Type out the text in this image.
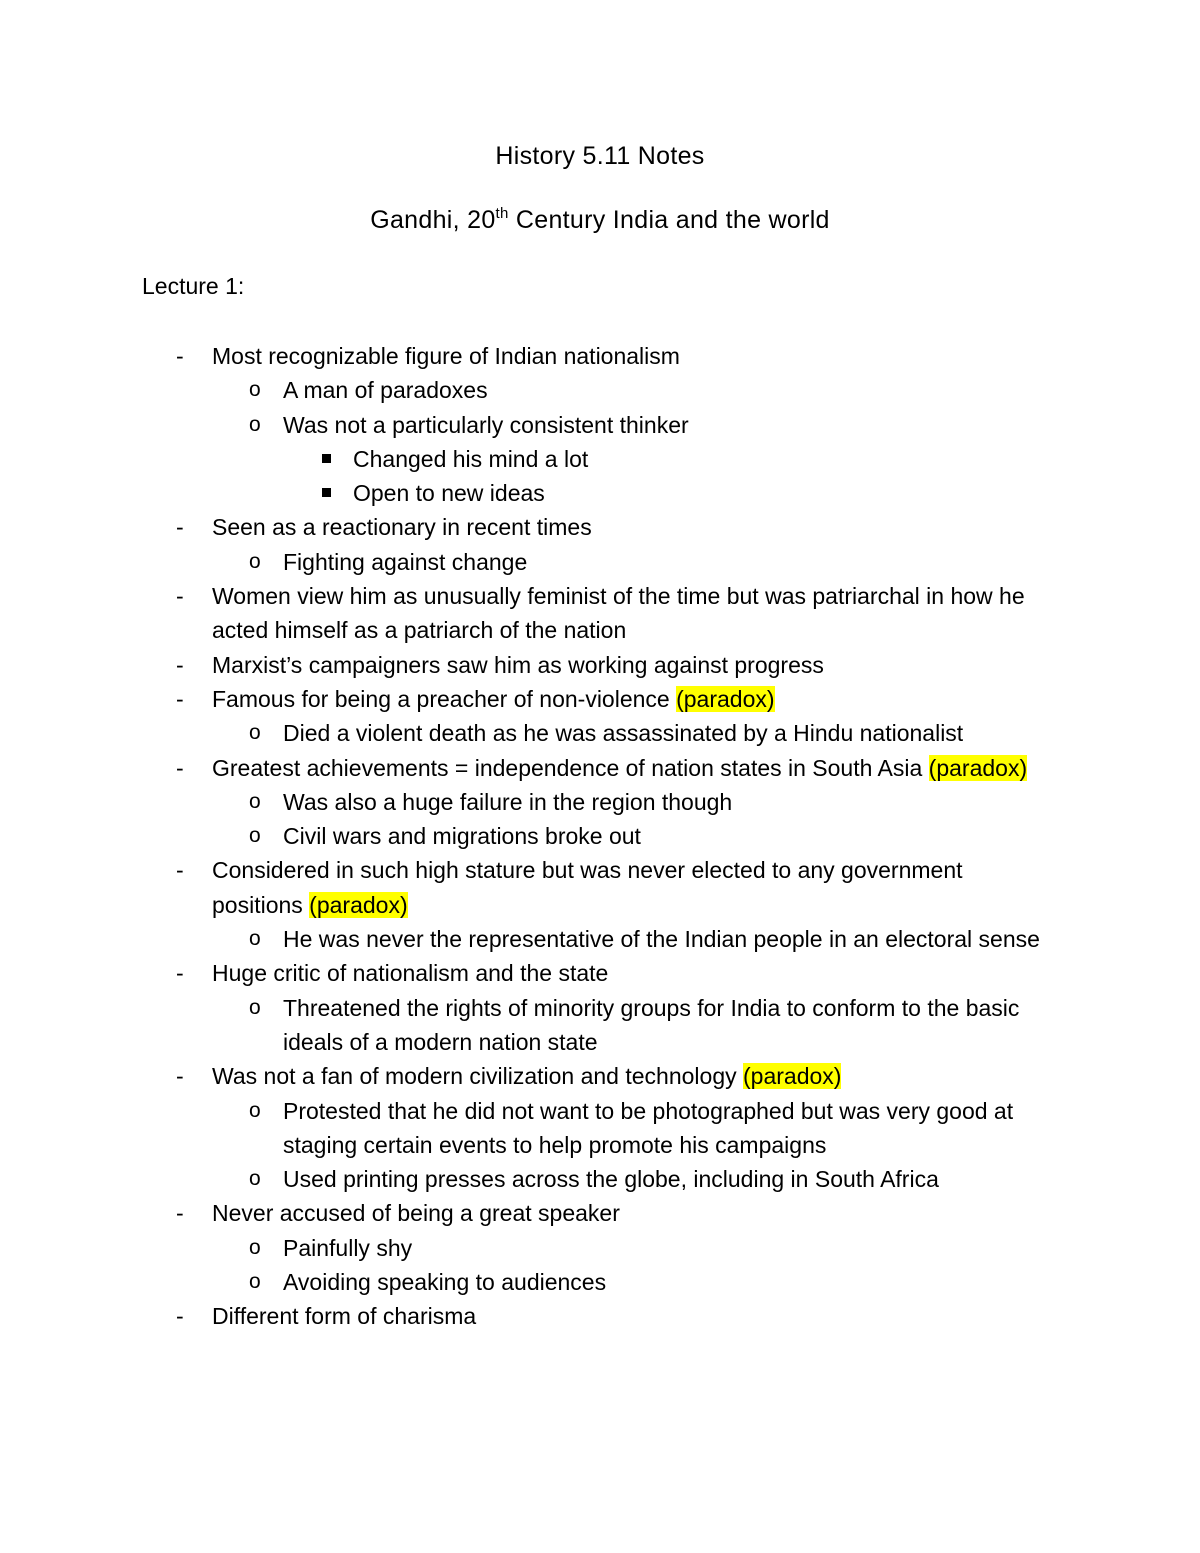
History 5.11 Notes
Gandhi, 20th Century India and the world
Lecture 1:
- Most recognizable figure of Indian nationalism
o A man of paradoxes
o Was not a particularly consistent thinker
Changed his mind a lot
Open to new ideas
- Seen as a reactionary in recent times
o Fighting against change
- Women view him as unusually feminist of the time but was patriarchal in how he acted himself as a patriarch of the nation
- Marxist’s campaigners saw him as working against progress
- Famous for being a preacher of non-violence (paradox)
o Died a violent death as he was assassinated by a Hindu nationalist
- Greatest achievements = independence of nation states in South Asia (paradox)
o Was also a huge failure in the region though
o Civil wars and migrations broke out
- Considered in such high stature but was never elected to any government positions (paradox)
o He was never the representative of the Indian people in an electoral sense
- Huge critic of nationalism and the state
o Threatened the rights of minority groups for India to conform to the basic ideals of a modern nation state
- Was not a fan of modern civilization and technology (paradox)
o Protested that he did not want to be photographed but was very good at staging certain events to help promote his campaigns
o Used printing presses across the globe, including in South Africa
- Never accused of being a great speaker
o Painfully shy
o Avoiding speaking to audiences
- Different form of charisma
